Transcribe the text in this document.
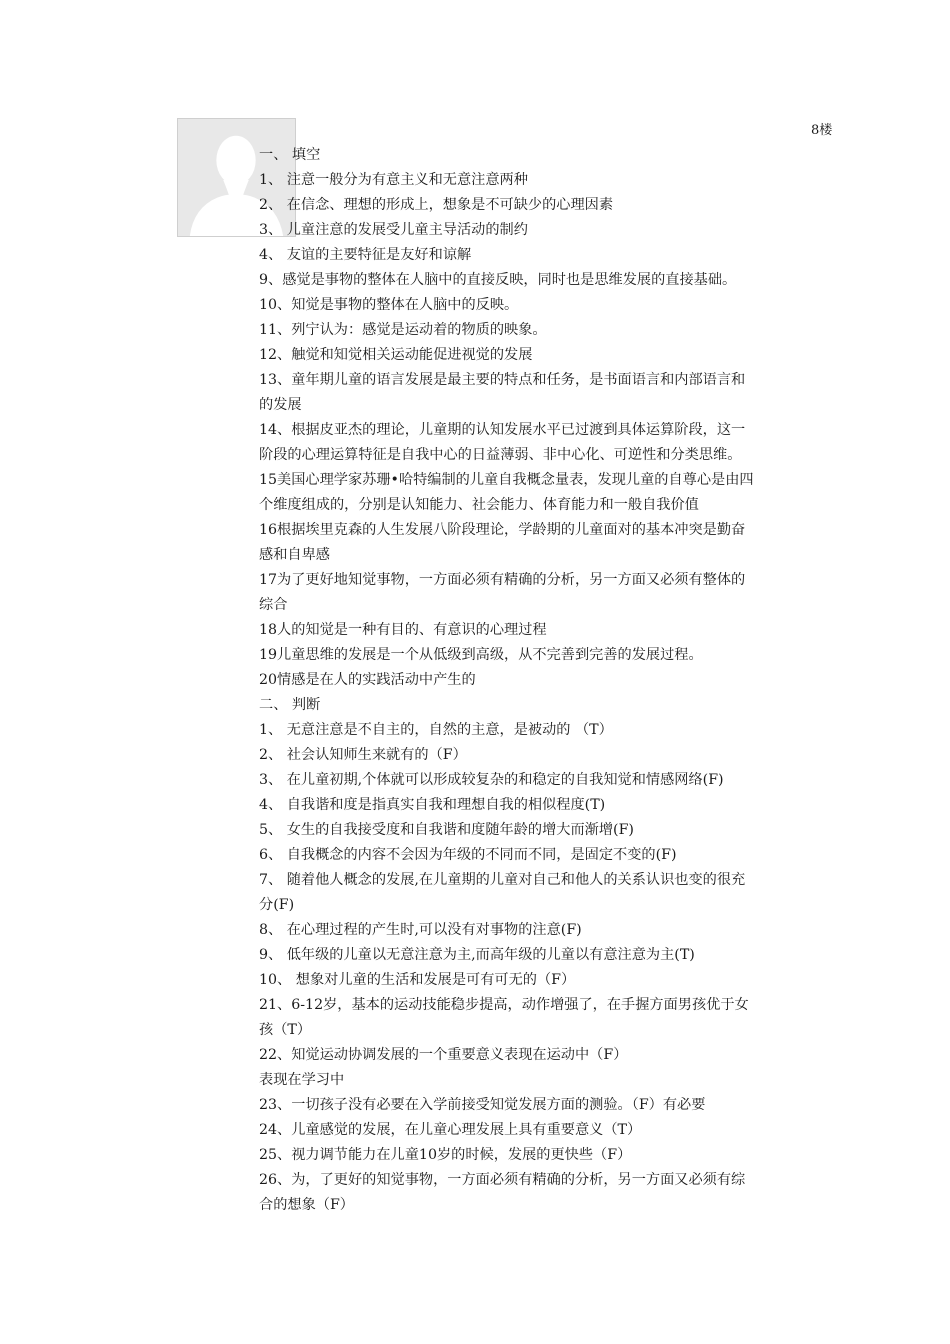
8楼
一、 填空
1、 注意一般分为有意主义和无意注意两种
2、 在信念、理想的形成上，想象是不可缺少的心理因素
3、 儿童注意的发展受儿童主导活动的制约
4、 友谊的主要特征是友好和谅解
9、感觉是事物的整体在人脑中的直接反映，同时也是思维发展的直接基础。
10、知觉是事物的整体在人脑中的反映。
11、列宁认为：感觉是运动着的物质的映象。
12、触觉和知觉相关运动能促进视觉的发展
13、童年期儿童的语言发展是最主要的特点和任务，是书面语言和内部语言和
的发展
14、根据皮亚杰的理论，儿童期的认知发展水平已过渡到具体运算阶段，这一
阶段的心理运算特征是自我中心的日益薄弱、非中心化、可逆性和分类思维。
15美国心理学家苏珊•哈特编制的儿童自我概念量表，发现儿童的自尊心是由四
个维度组成的，分别是认知能力、社会能力、体育能力和一般自我价值
16根据埃里克森的人生发展八阶段理论，学龄期的儿童面对的基本冲突是勤奋
感和自卑感
17为了更好地知觉事物，一方面必须有精确的分析，另一方面又必须有整体的
综合
18人的知觉是一种有目的、有意识的心理过程
19儿童思维的发展是一个从低级到高级，从不完善到完善的发展过程。
20情感是在人的实践活动中产生的
二、 判断
1、 无意注意是不自主的，自然的主意，是被动的 （T）
2、 社会认知师生来就有的（F）
3、 在儿童初期,个体就可以形成较复杂的和稳定的自我知觉和情感网络(F)
4、 自我谐和度是指真实自我和理想自我的相似程度(T)
5、 女生的自我接受度和自我谐和度随年龄的增大而渐增(F)
6、 自我概念的内容不会因为年级的不同而不同，是固定不变的(F)
7、 随着他人概念的发展,在儿童期的儿童对自己和他人的关系认识也变的很充
分(F)
8、 在心理过程的产生时,可以没有对事物的注意(F)
9、 低年级的儿童以无意注意为主,而高年级的儿童以有意注意为主(T)
10、 想象对儿童的生活和发展是可有可无的（F）
21、6-12岁，基本的运动技能稳步提高，动作增强了，在手握方面男孩优于女
孩（T）
22、知觉运动协调发展的一个重要意义表现在运动中（F）
表现在学习中
23、一切孩子没有必要在入学前接受知觉发展方面的测验。（F）有必要
24、儿童感觉的发展，在儿童心理发展上具有重要意义（T）
25、视力调节能力在儿童10岁的时候，发展的更快些（F）
26、为，了更好的知觉事物，一方面必须有精确的分析，另一方面又必须有综
合的想象（F）
